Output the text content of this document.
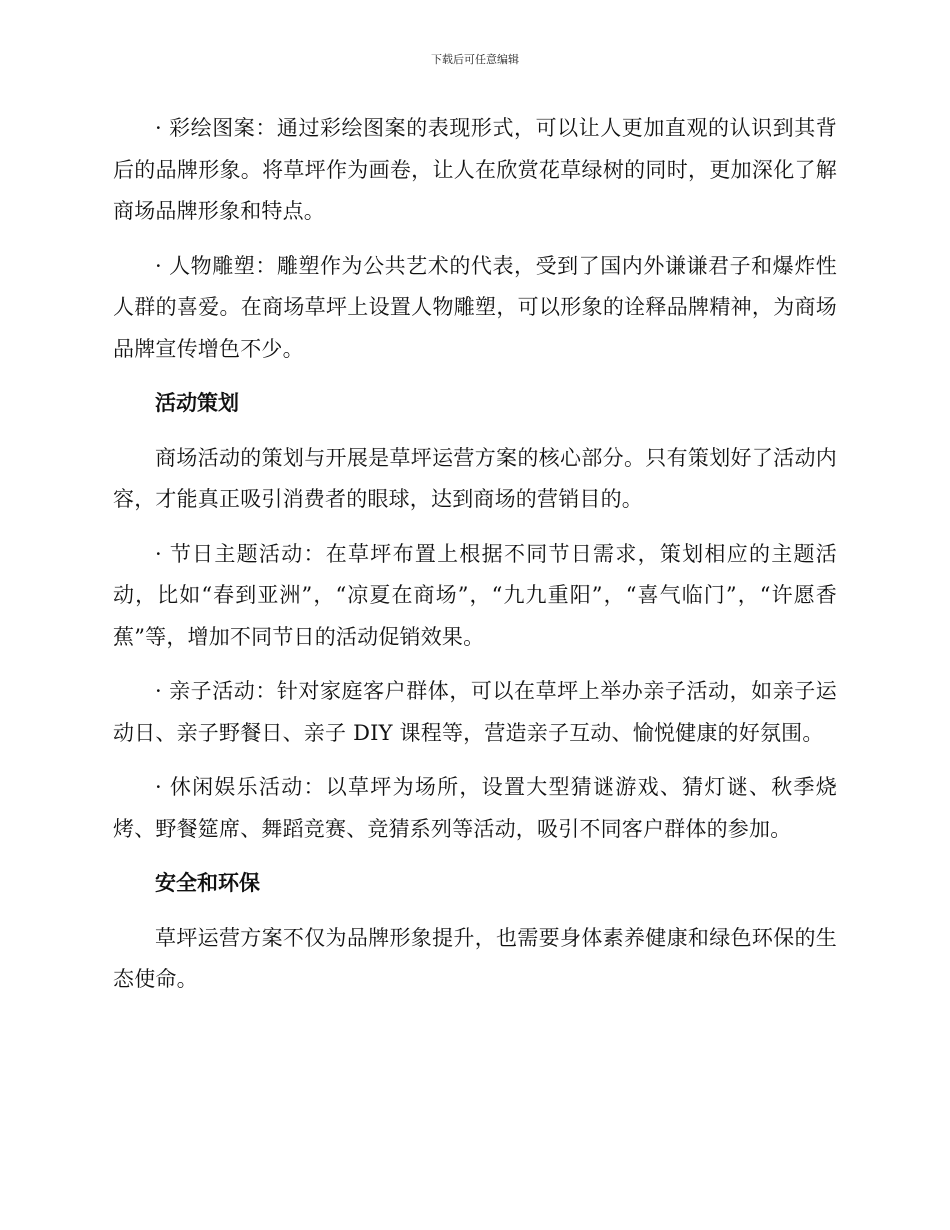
下载后可任意编辑

· 彩绘图案：通过彩绘图案的表现形式，可以让人更加直观的认识到其背后的品牌形象。将草坪作为画卷，让人在欣赏花草绿树的同时，更加深化了解商场品牌形象和特点。

· 人物雕塑：雕塑作为公共艺术的代表，受到了国内外谦谦君子和爆炸性人群的喜爱。在商场草坪上设置人物雕塑，可以形象的诠释品牌精神，为商场品牌宣传增色不少。

活动策划

商场活动的策划与开展是草坪运营方案的核心部分。只有策划好了活动内容，才能真正吸引消费者的眼球，达到商场的营销目的。

· 节日主题活动：在草坪布置上根据不同节日需求，策划相应的主题活动，比如“春到亚洲”，“凉夏在商场”，“九九重阳”，“喜气临门”，“许愿香蕉”等，增加不同节日的活动促销效果。

· 亲子活动：针对家庭客户群体，可以在草坪上举办亲子活动，如亲子运动日、亲子野餐日、亲子 DIY 课程等，营造亲子互动、愉悦健康的好氛围。

· 休闲娱乐活动：以草坪为场所，设置大型猜谜游戏、猜灯谜、秋季烧烤、野餐筵席、舞蹈竞赛、竞猜系列等活动，吸引不同客户群体的参加。

安全和环保

草坪运营方案不仅为品牌形象提升，也需要身体素养健康和绿色环保的生态使命。
